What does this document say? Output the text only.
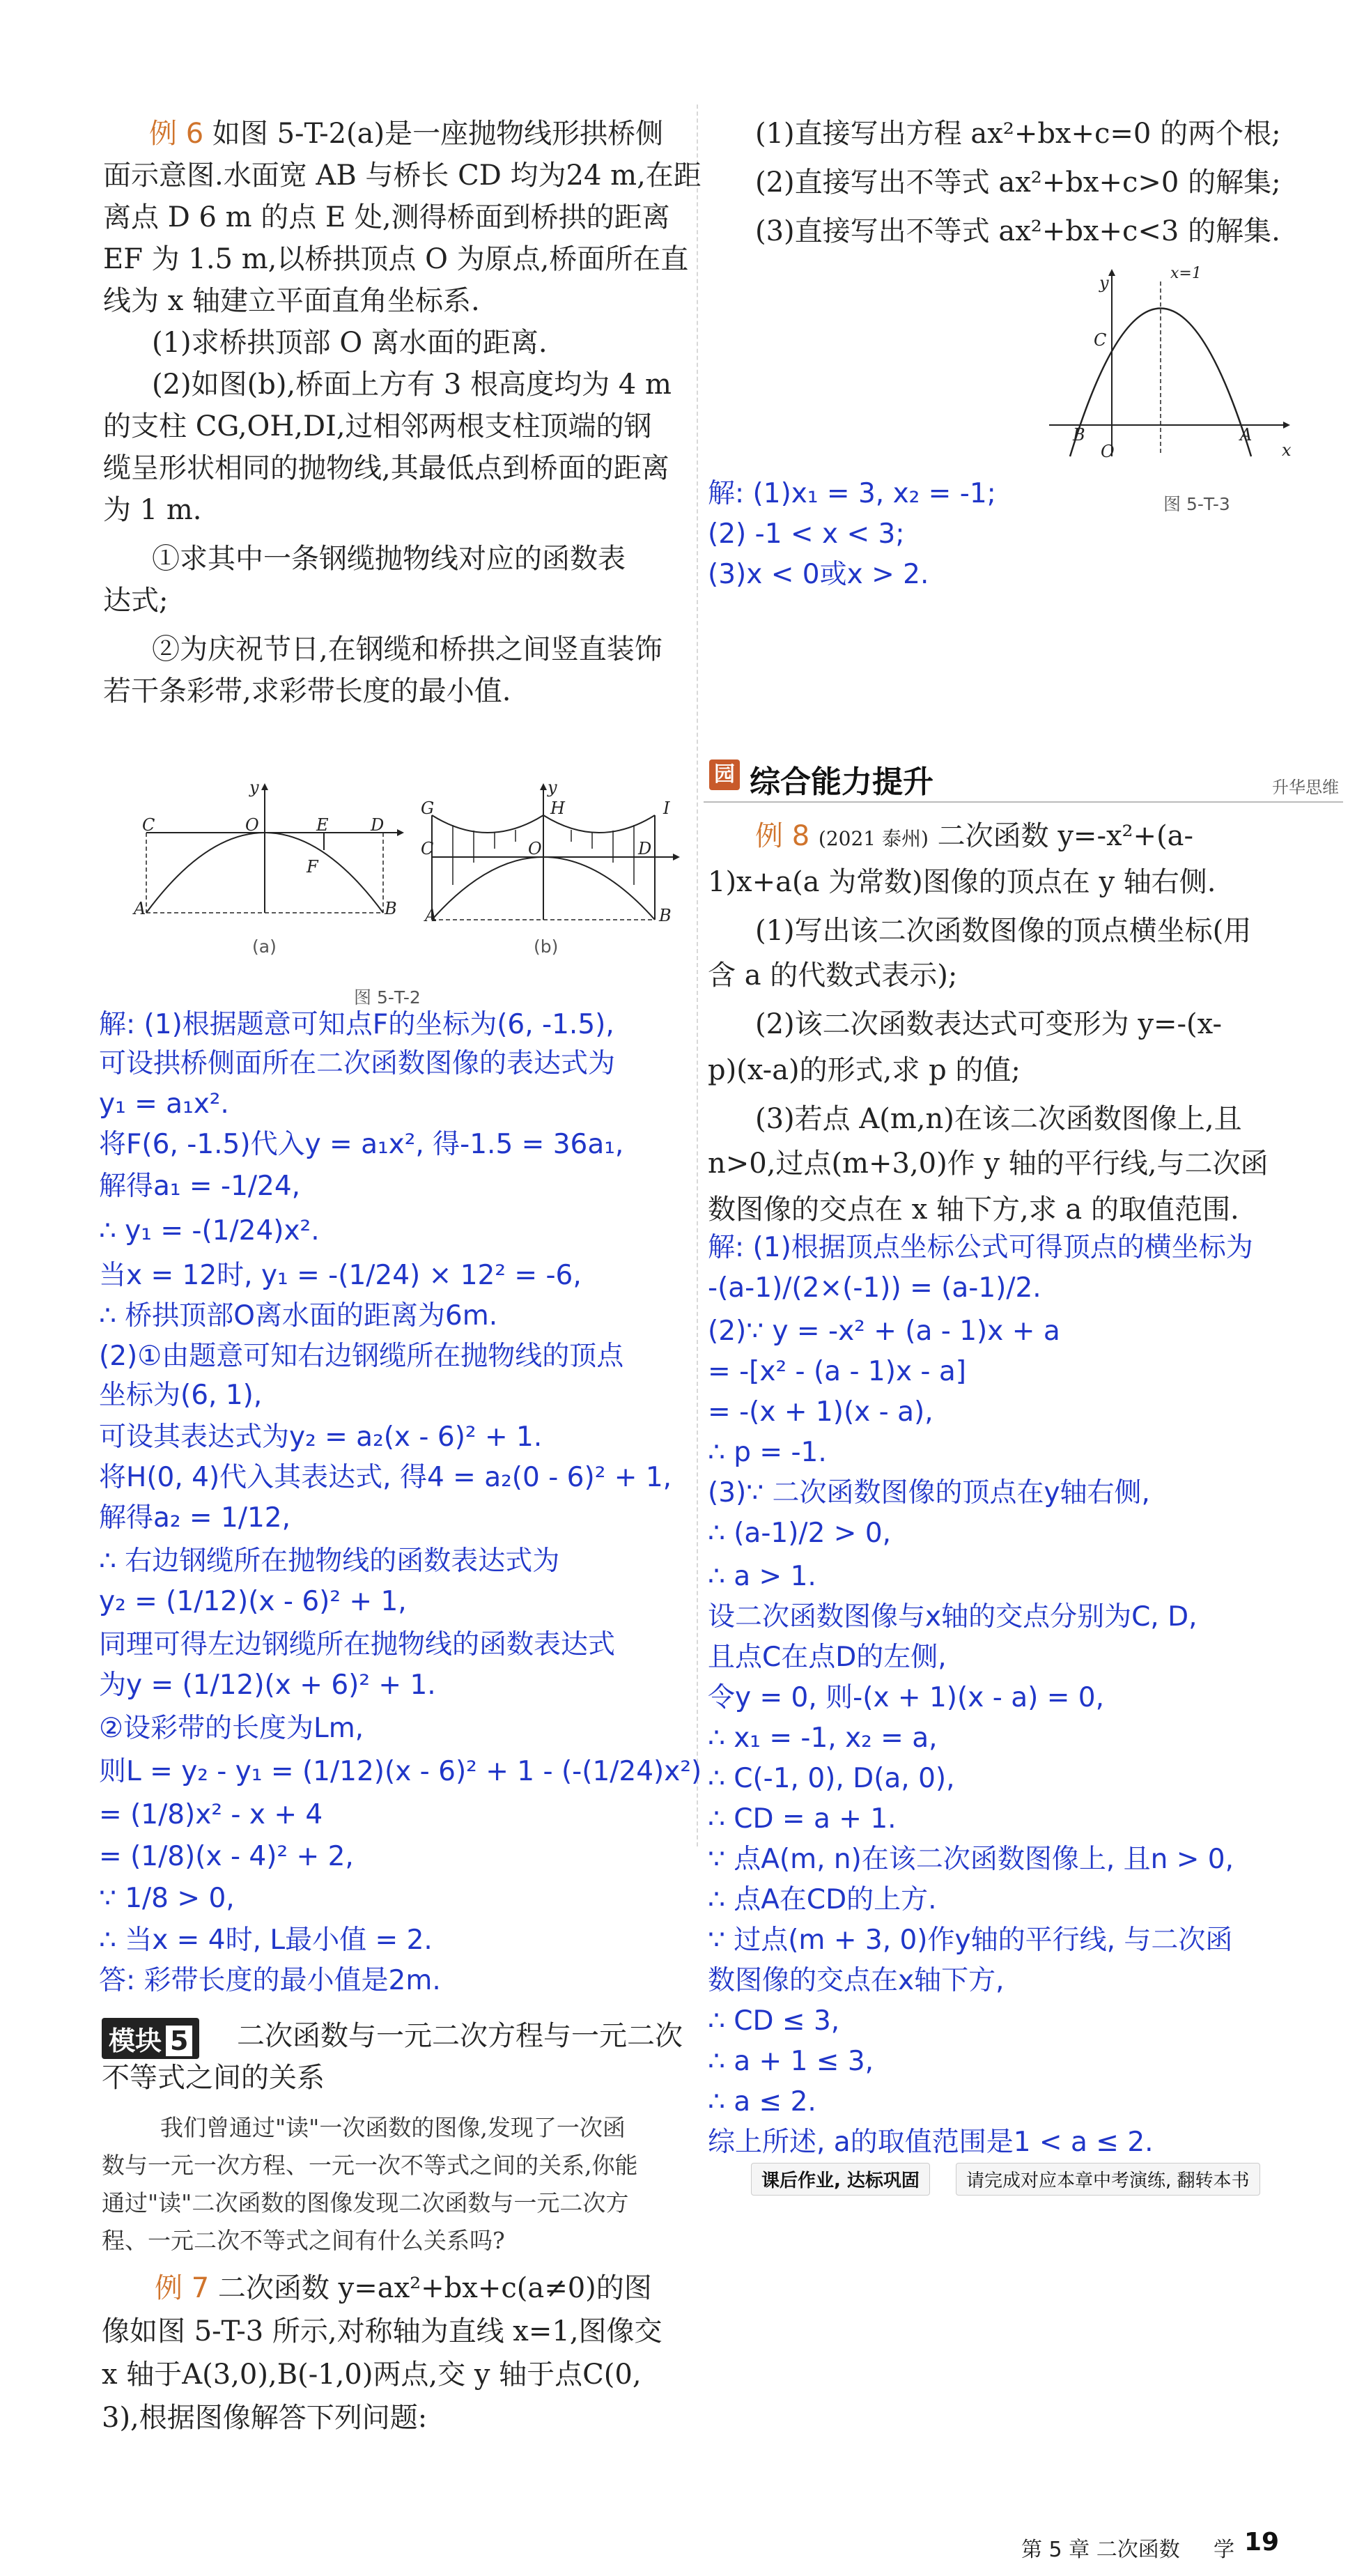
例 6 如图 5-T-2(a)是一座抛物线形拱桥侧
面示意图.水面宽 AB 与桥长 CD 均为24 m,在距
离点 D 6 m 的点 E 处,测得桥面到桥拱的距离
EF 为 1.5 m,以桥拱顶点 O 为原点,桥面所在直
线为 x 轴建立平面直角坐标系.
(1)求桥拱顶部 O 离水面的距离.
(2)如图(b),桥面上方有 3 根高度均为 4 m
的支柱 CG,OH,DI,过相邻两根支柱顶端的钢
缆呈形状相同的抛物线,其最低点到桥面的距离
为 1 m.
①求其中一条钢缆抛物线对应的函数表
达式;
②为庆祝节日,在钢缆和桥拱之间竖直装饰
若干条彩带,求彩带长度的最小值.
C	O	E	D
F
A	B
y
(a)
G	H	I
C	O	D
A	B
y
(b)
图 5-T-2
解: (1)根据题意可知点F的坐标为(6, -1.5),
可设拱桥侧面所在二次函数图像的表达式为
y₁ = a₁x².
将F(6, -1.5)代入y = a₁x², 得-1.5 = 36a₁,
解得a₁ = -1/24,
∴ y₁ = -(1/24)x².
当x = 12时, y₁ = -(1/24) × 12² = -6,
∴ 桥拱顶部O离水面的距离为6m.
(2)①由题意可知右边钢缆所在抛物线的顶点
坐标为(6, 1),
可设其表达式为y₂ = a₂(x - 6)² + 1.
将H(0, 4)代入其表达式, 得4 = a₂(0 - 6)² + 1,
解得a₂ = 1/12,
∴ 右边钢缆所在抛物线的函数表达式为
y₂ = (1/12)(x - 6)² + 1,
同理可得左边钢缆所在抛物线的函数表达式
为y = (1/12)(x + 6)² + 1.
②设彩带的长度为Lm,
则L = y₂ - y₁ = (1/12)(x - 6)² + 1 - (-(1/24)x²)
= (1/8)x² - x + 4
= (1/8)(x - 4)² + 2,
∵ 1/8 > 0,
∴ 当x = 4时, L最小值 = 2.
答: 彩带长度的最小值是2m.
模块 5	二次函数与一元二次方程与一元二次
不等式之间的关系
我们曾通过"读"一次函数的图像,发现了一次函
数与一元一次方程、一元一次不等式之间的关系,你能
通过"读"二次函数的图像发现二次函数与一元二次方
程、一元二次不等式之间有什么关系吗?
例 7 二次函数 y=ax²+bx+c(a≠0)的图
像如图 5-T-3 所示,对称轴为直线 x=1,图像交
x 轴于A(3,0),B(-1,0)两点,交 y 轴于点C(0,
3),根据图像解答下列问题:
(1)直接写出方程 ax²+bx+c=0 的两个根;
(2)直接写出不等式 ax²+bx+c>0 的解集;
(3)直接写出不等式 ax²+bx+c<3 的解集.
x=1
y
C
B
O
A
x
图 5-T-3
解: (1)x₁ = 3, x₂ = -1;
(2) -1 < x < 3;
(3)x < 0或x > 2.
园 综合能力提升	升华思维
例 8 (2021 泰州) 二次函数 y=-x²+(a-
1)x+a(a 为常数)图像的顶点在 y 轴右侧.
(1)写出该二次函数图像的顶点横坐标(用
含 a 的代数式表示);
(2)该二次函数表达式可变形为 y=-(x-
p)(x-a)的形式,求 p 的值;
(3)若点 A(m,n)在该二次函数图像上,且
n>0,过点(m+3,0)作 y 轴的平行线,与二次函
数图像的交点在 x 轴下方,求 a 的取值范围.
解: (1)根据顶点坐标公式可得顶点的横坐标为
-(a-1)/(2×(-1)) = (a-1)/2.
(2)∵ y = -x² + (a - 1)x + a
= -[x² - (a - 1)x - a]
= -(x + 1)(x - a),
∴ p = -1.
(3)∵ 二次函数图像的顶点在y轴右侧,
∴ (a-1)/2 > 0,
∴ a > 1.
设二次函数图像与x轴的交点分别为C, D,
且点C在点D的左侧,
令y = 0, 则-(x + 1)(x - a) = 0,
∴ x₁ = -1, x₂ = a,
∴ C(-1, 0), D(a, 0),
∴ CD = a + 1.
∵ 点A(m, n)在该二次函数图像上, 且n > 0,
∴ 点A在CD的上方.
∵ 过点(m + 3, 0)作y轴的平行线, 与二次函
数图像的交点在x轴下方,
∴ CD ≤ 3,
∴ a + 1 ≤ 3,
∴ a ≤ 2.
综上所述, a的取值范围是1 < a ≤ 2.
课后作业, 达标巩固	请完成对应本章中考演练, 翻转本书
第 5 章 二次函数 学 19
